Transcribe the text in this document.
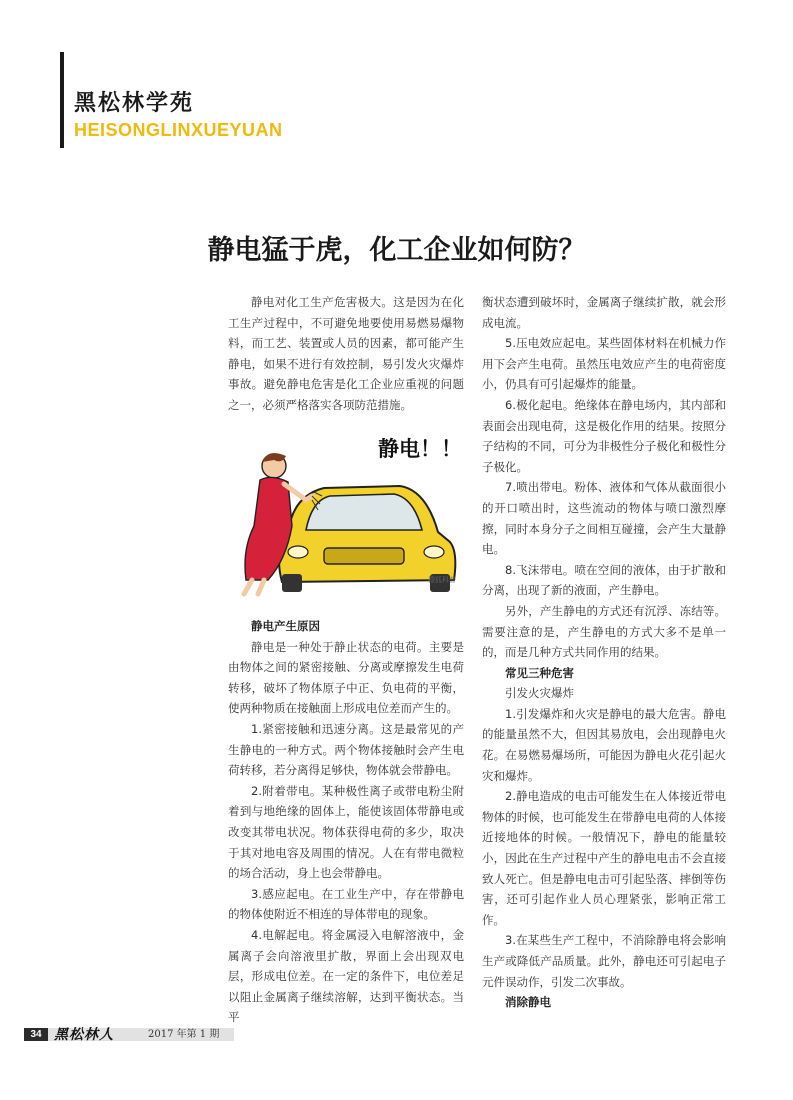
黑松林学苑
HEISONGLINXUEYUAN
静电猛于虎，化工企业如何防？

静电对化工生产危害极大。这是因为在化工生产过程中，不可避免地要使用易燃易爆物料，而工艺、装置或人员的因素，都可能产生静电，如果不进行有效控制，易引发火灾爆炸事故。避免静电危害是化工企业应重视的问题之一，必须严格落实各项防范措施。

静电！！
搜狐科普

静电产生原因

静电是一种处于静止状态的电荷。主要是由物体之间的紧密接触、分离或摩擦发生电荷转移，破坏了物体原子中正、负电荷的平衡，使两种物质在接触面上形成电位差而产生的。

1.紧密接触和迅速分离。这是最常见的产生静电的一种方式。两个物体接触时会产生电荷转移，若分离得足够快，物体就会带静电。

2.附着带电。某种极性离子或带电粉尘附着到与地绝缘的固体上，能使该固体带静电或改变其带电状况。物体获得电荷的多少，取决于其对地电容及周围的情况。人在有带电微粒的场合活动，身上也会带静电。

3.感应起电。在工业生产中，存在带静电的物体使附近不相连的导体带电的现象。

4.电解起电。将金属浸入电解溶液中，金属离子会向溶液里扩散，界面上会出现双电层，形成电位差。在一定的条件下，电位差足以阻止金属离子继续溶解，达到平衡状态。当平

衡状态遭到破坏时，金属离子继续扩散，就会形成电流。

5.压电效应起电。某些固体材料在机械力作用下会产生电荷。虽然压电效应产生的电荷密度小，仍具有可引起爆炸的能量。

6.极化起电。绝缘体在静电场内，其内部和表面会出现电荷，这是极化作用的结果。按照分子结构的不同，可分为非极性分子极化和极性分子极化。

7.喷出带电。粉体、液体和气体从截面很小的开口喷出时，这些流动的物体与喷口激烈摩擦，同时本身分子之间相互碰撞，会产生大量静电。

8.飞沫带电。喷在空间的液体，由于扩散和分离，出现了新的液面，产生静电。

另外，产生静电的方式还有沉浮、冻结等。需要注意的是，产生静电的方式大多不是单一的，而是几种方式共同作用的结果。

常见三种危害

引发火灾爆炸

1.引发爆炸和火灾是静电的最大危害。静电的能量虽然不大，但因其易放电，会出现静电火花。在易燃易爆场所，可能因为静电火花引起火灾和爆炸。

2.静电造成的电击可能发生在人体接近带电物体的时候，也可能发生在带静电电荷的人体接近接地体的时候。一般情况下，静电的能量较小，因此在生产过程中产生的静电电击不会直接致人死亡。但是静电电击可引起坠落、摔倒等伤害，还可引起作业人员心理紧张，影响正常工作。

3.在某些生产工程中，不消除静电将会影响生产或降低产品质量。此外，静电还可引起电子元件误动作，引发二次事故。

消除静电

34 黑松林人	2017 年第 1 期
